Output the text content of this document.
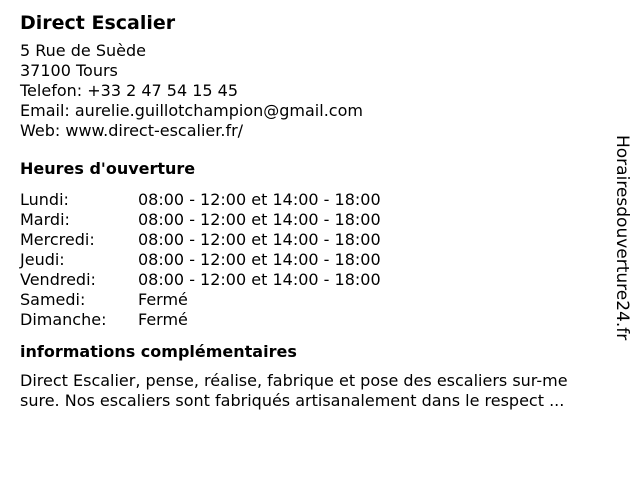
Direct Escalier
5 Rue de Suède
37100 Tours
Telefon: +33 2 47 54 15 45
Email: aurelie.guillotchampion@gmail.com
Web: www.direct-escalier.fr/
Heures d'ouverture
Lundi:	08:00 - 12:00 et 14:00 - 18:00
Mardi:	08:00 - 12:00 et 14:00 - 18:00
Mercredi:	08:00 - 12:00 et 14:00 - 18:00
Jeudi:	08:00 - 12:00 et 14:00 - 18:00
Vendredi:	08:00 - 12:00 et 14:00 - 18:00
Samedi:	Fermé
Dimanche:	Fermé
informations complémentaires
Direct Escalier, pense, réalise, fabrique et pose des escaliers sur-me
sure. Nos escaliers sont fabriqués artisanalement dans le respect ...
Horairesdouverture24.fr
